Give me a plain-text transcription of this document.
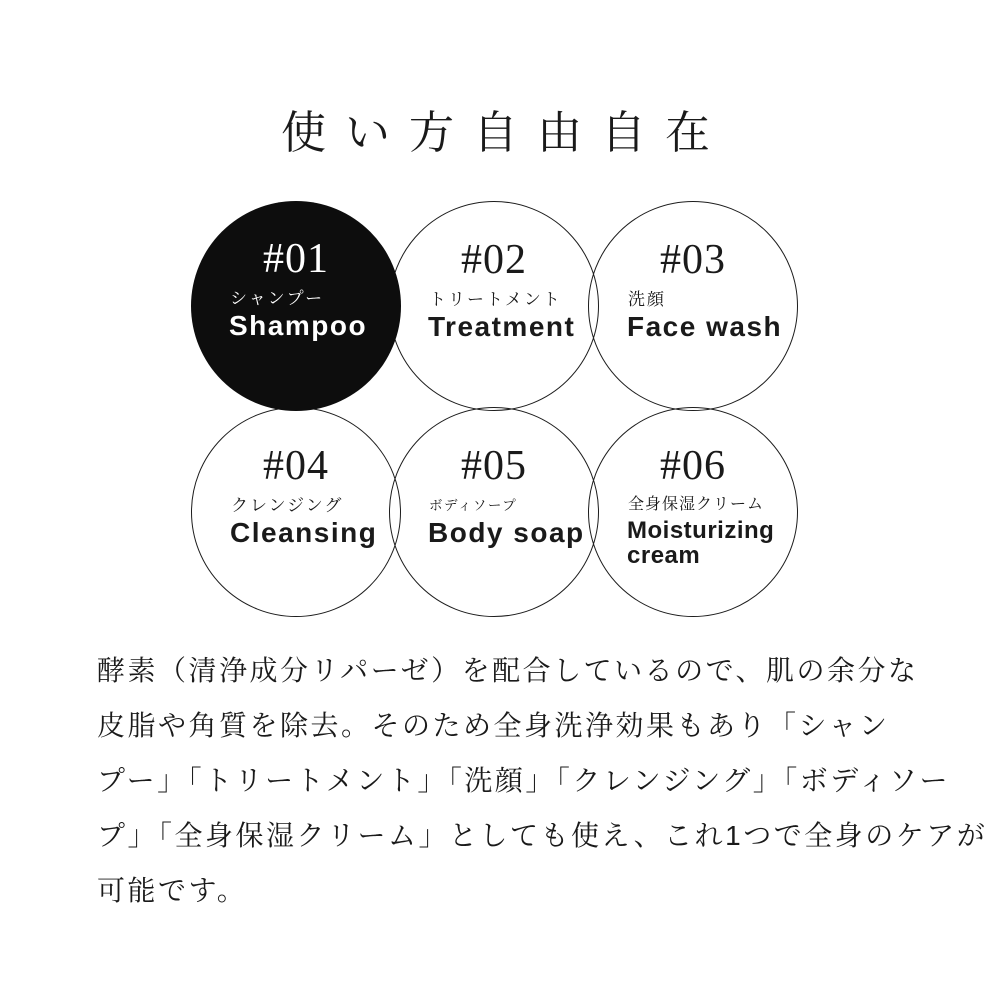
使い方自由自在
#01
シャンプー
Shampoo
#02
トリートメント
Treatment
#03
洗顔
Face wash
#04
クレンジング
Cleansing
#05
ボディソープ
Body soap
#06
全身保湿クリーム
Moisturizing cream
酵素（清浄成分リパーゼ）を配合しているので、肌の余分な
皮脂や角質を除去。そのため全身洗浄効果もあり「シャン
プー」「トリートメント」「洗顔」「クレンジング」「ボディソー
プ」「全身保湿クリーム」としても使え、これ1つで全身のケアが
可能です。
